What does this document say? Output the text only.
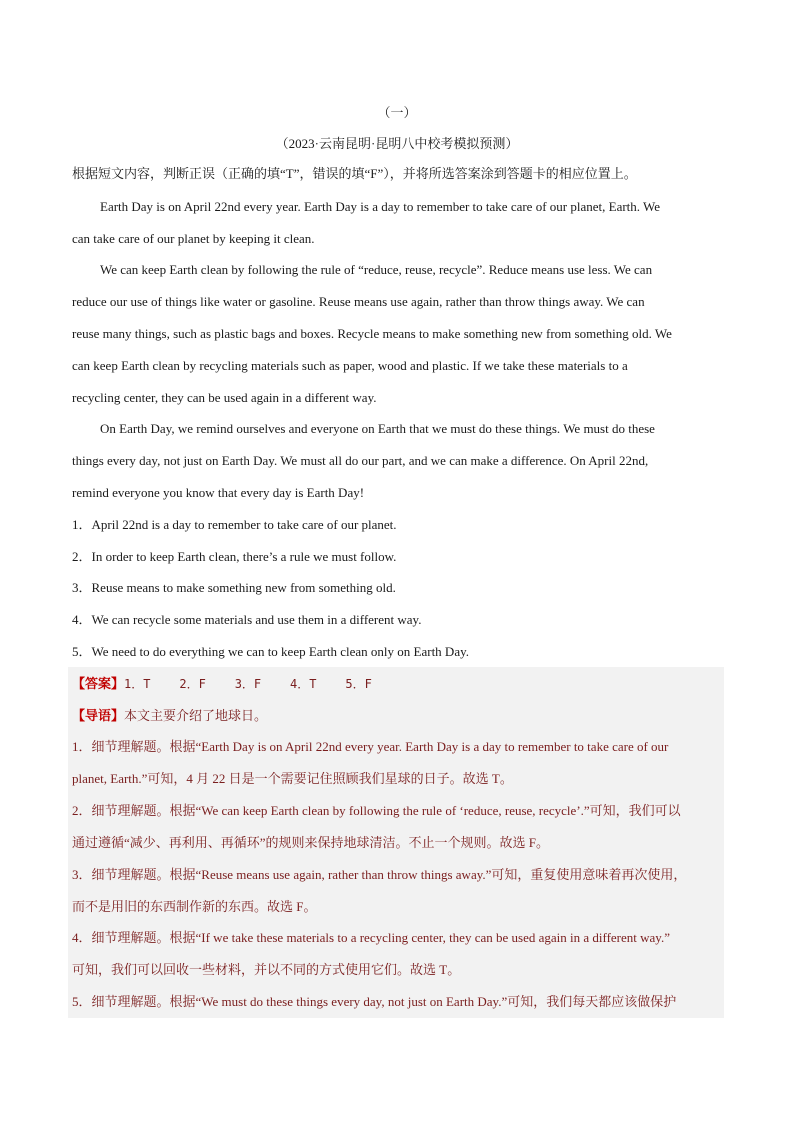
（一）
（2023·云南昆明·昆明八中校考模拟预测）
根据短文内容，判断正误（正确的填“T”，错误的填“F”），并将所选答案涂到答题卡的相应位置上。
Earth Day is on April 22nd every year. Earth Day is a day to remember to take care of our planet, Earth. We
can take care of our planet by keeping it clean.
We can keep Earth clean by following the rule of “reduce, reuse, recycle”. Reduce means use less. We can
reduce our use of things like water or gasoline. Reuse means use again, rather than throw things away. We can
reuse many things, such as plastic bags and boxes. Recycle means to make something new from something old. We
can keep Earth clean by recycling materials such as paper, wood and plastic. If we take these materials to a
recycling center, they can be used again in a different way.
On Earth Day, we remind ourselves and everyone on Earth that we must do these things. We must do these
things every day, not just on Earth Day. We must all do our part, and we can make a difference. On April 22nd,
remind everyone you know that every day is Earth Day!
1．April 22nd is a day to remember to take care of our planet.
2．In order to keep Earth clean, there’s a rule we must follow.
3．Reuse means to make something new from something old.
4．We can recycle some materials and use them in a different way.
5．We need to do everything we can to keep Earth clean only on Earth Day.
【答案】1．T    2．F    3．F    4．T    5．F
【导语】本文主要介绍了地球日。
1．细节理解题。根据“Earth Day is on April 22nd every year. Earth Day is a day to remember to take care of our
planet, Earth.”可知，4 月 22 日是一个需要记住照顾我们星球的日子。故选 T。
2．细节理解题。根据“We can keep Earth clean by following the rule of ‘reduce, reuse, recycle’.”可知，我们可以
通过遵循“减少、再利用、再循环”的规则来保持地球清洁。不止一个规则。故选 F。
3．细节理解题。根据“Reuse means use again, rather than throw things away.”可知，重复使用意味着再次使用，
而不是用旧的东西制作新的东西。故选 F。
4．细节理解题。根据“If we take these materials to a recycling center, they can be used again in a different way.”
可知，我们可以回收一些材料，并以不同的方式使用它们。故选 T。
5．细节理解题。根据“We must do these things every day, not just on Earth Day.”可知，我们每天都应该做保护
